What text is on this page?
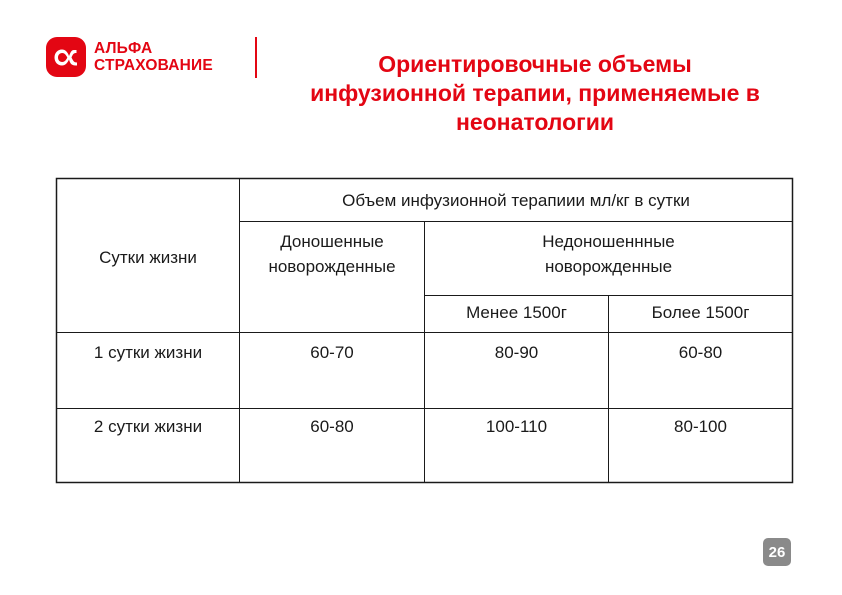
АЛЬФА
СТРАХОВАНИЕ	Ориентировочные объемы
инфузионной терапии, применяемые в
неонатологии
Сутки жизни
Объем инфузионной терапиии мл/кг в сутки
Доношенные
новорожденные
Недоношеннные
новорожденные
Менее 1500г	Более 1500г
1 сутки жизни	60-70	80-90	60-80
2 сутки жизни	60-80	100-110	80-100
26
